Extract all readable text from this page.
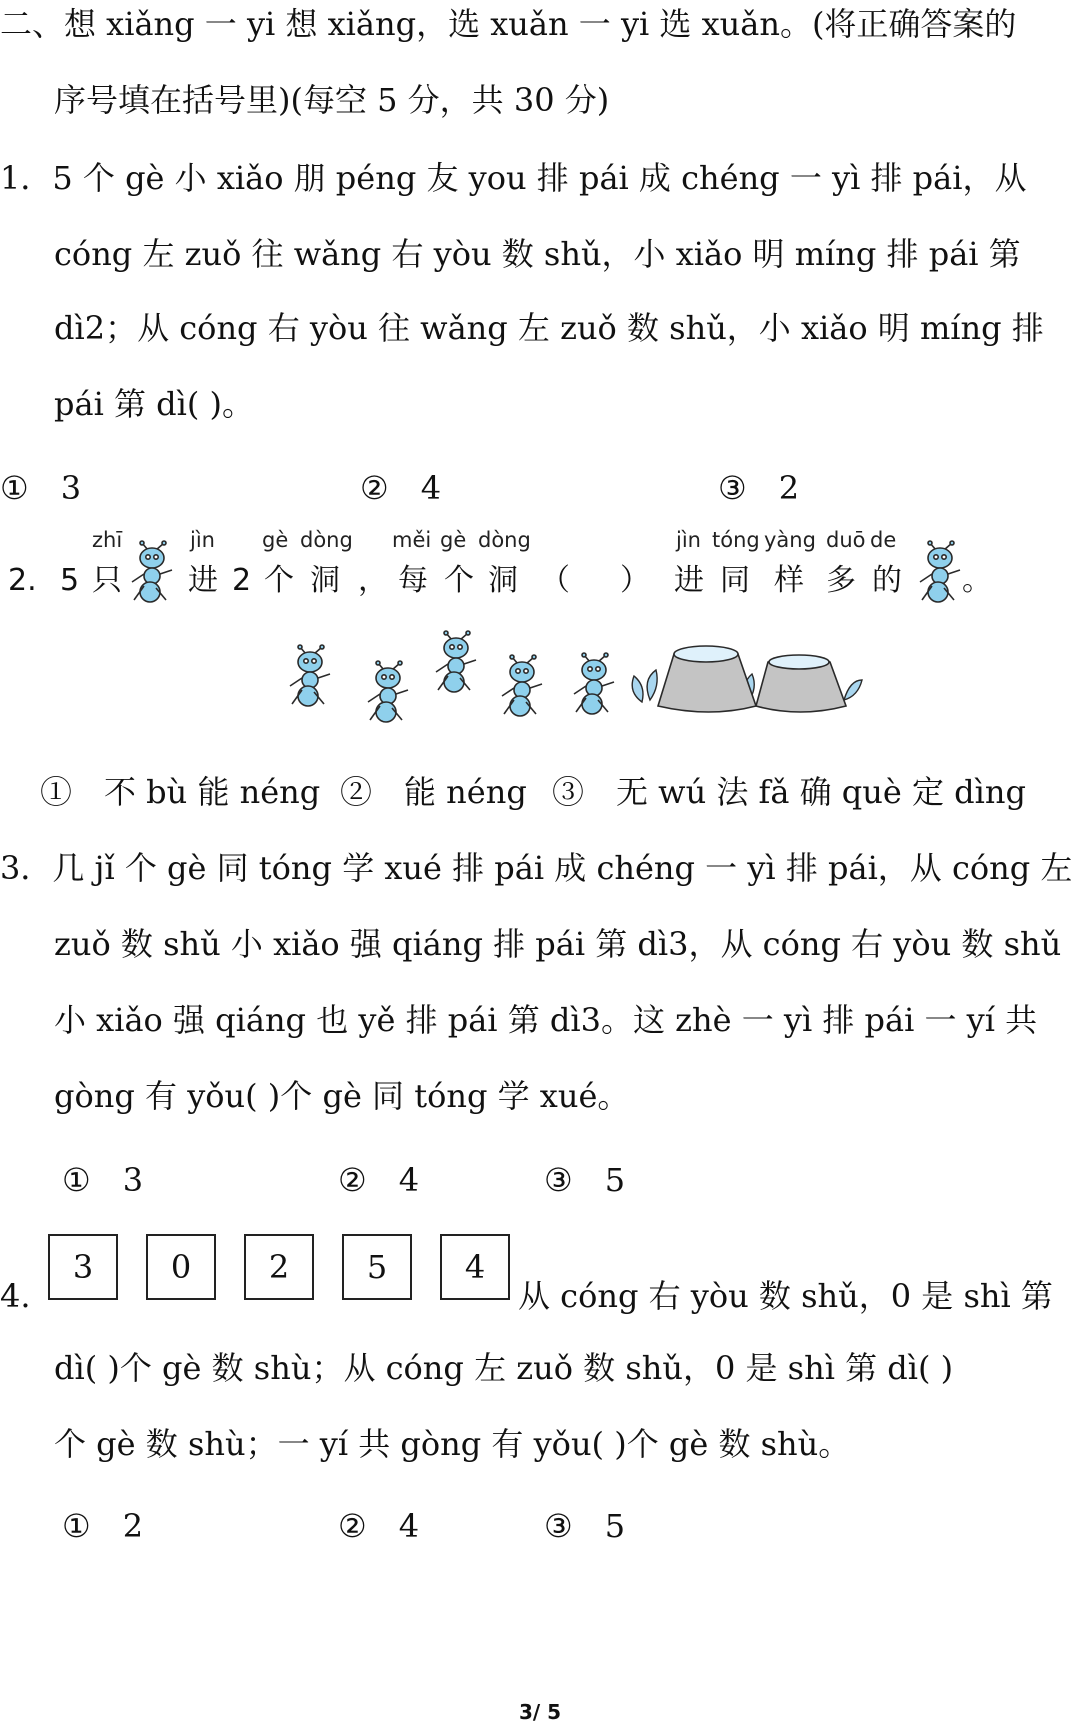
二、想 xiǎng 一 yi 想 xiǎng，选 xuǎn 一 yi 选 xuǎn。(将正确答案的
序号填在括号里)(每空 5 分，共 30 分)
1．5 个 gè 小 xiǎo 朋 péng 友 you 排 pái 成 chéng 一 yì 排 pái，从
cóng 左 zuǒ 往 wǎng 右 yòu 数 shǔ，小 xiǎo 明 míng 排 pái 第
dì2；从 cóng 右 yòu 往 wǎng 左 zuǒ 数 shǔ，小 xiǎo 明 míng 排
pái 第 dì( )。
①　3	②　4	③　2
2. 5
zhī
只
jìn
进 2
gè
个
dòng
洞 ，
měi
每
gè
个
dòng
洞 （ ）
jìn
进
tóng
同
yàng
样
duō
多
de
的 。
①　不 bù 能 néng ②　能 néng ③　无 wú 法 fǎ 确 què 定 dìng
3．几 jǐ 个 gè 同 tóng 学 xué 排 pái 成 chéng 一 yì 排 pái，从 cóng 左
zuǒ 数 shǔ 小 xiǎo 强 qiáng 排 pái 第 dì3，从 cóng 右 yòu 数 shǔ
小 xiǎo 强 qiáng 也 yě 排 pái 第 dì3。这 zhè 一 yì 排 pái 一 yí 共
gòng 有 yǒu( )个 gè 同 tóng 学 xué。
①　3	②　4	③　5
4.
3	0	2	5	4
从 cóng 右 yòu 数 shǔ，0 是 shì 第
dì( )个 gè 数 shù；从 cóng 左 zuǒ 数 shǔ，0 是 shì 第 dì( )
个 gè 数 shù；一 yí 共 gòng 有 yǒu( )个 gè 数 shù。
①　2	②　4	③　5
3/ 5
